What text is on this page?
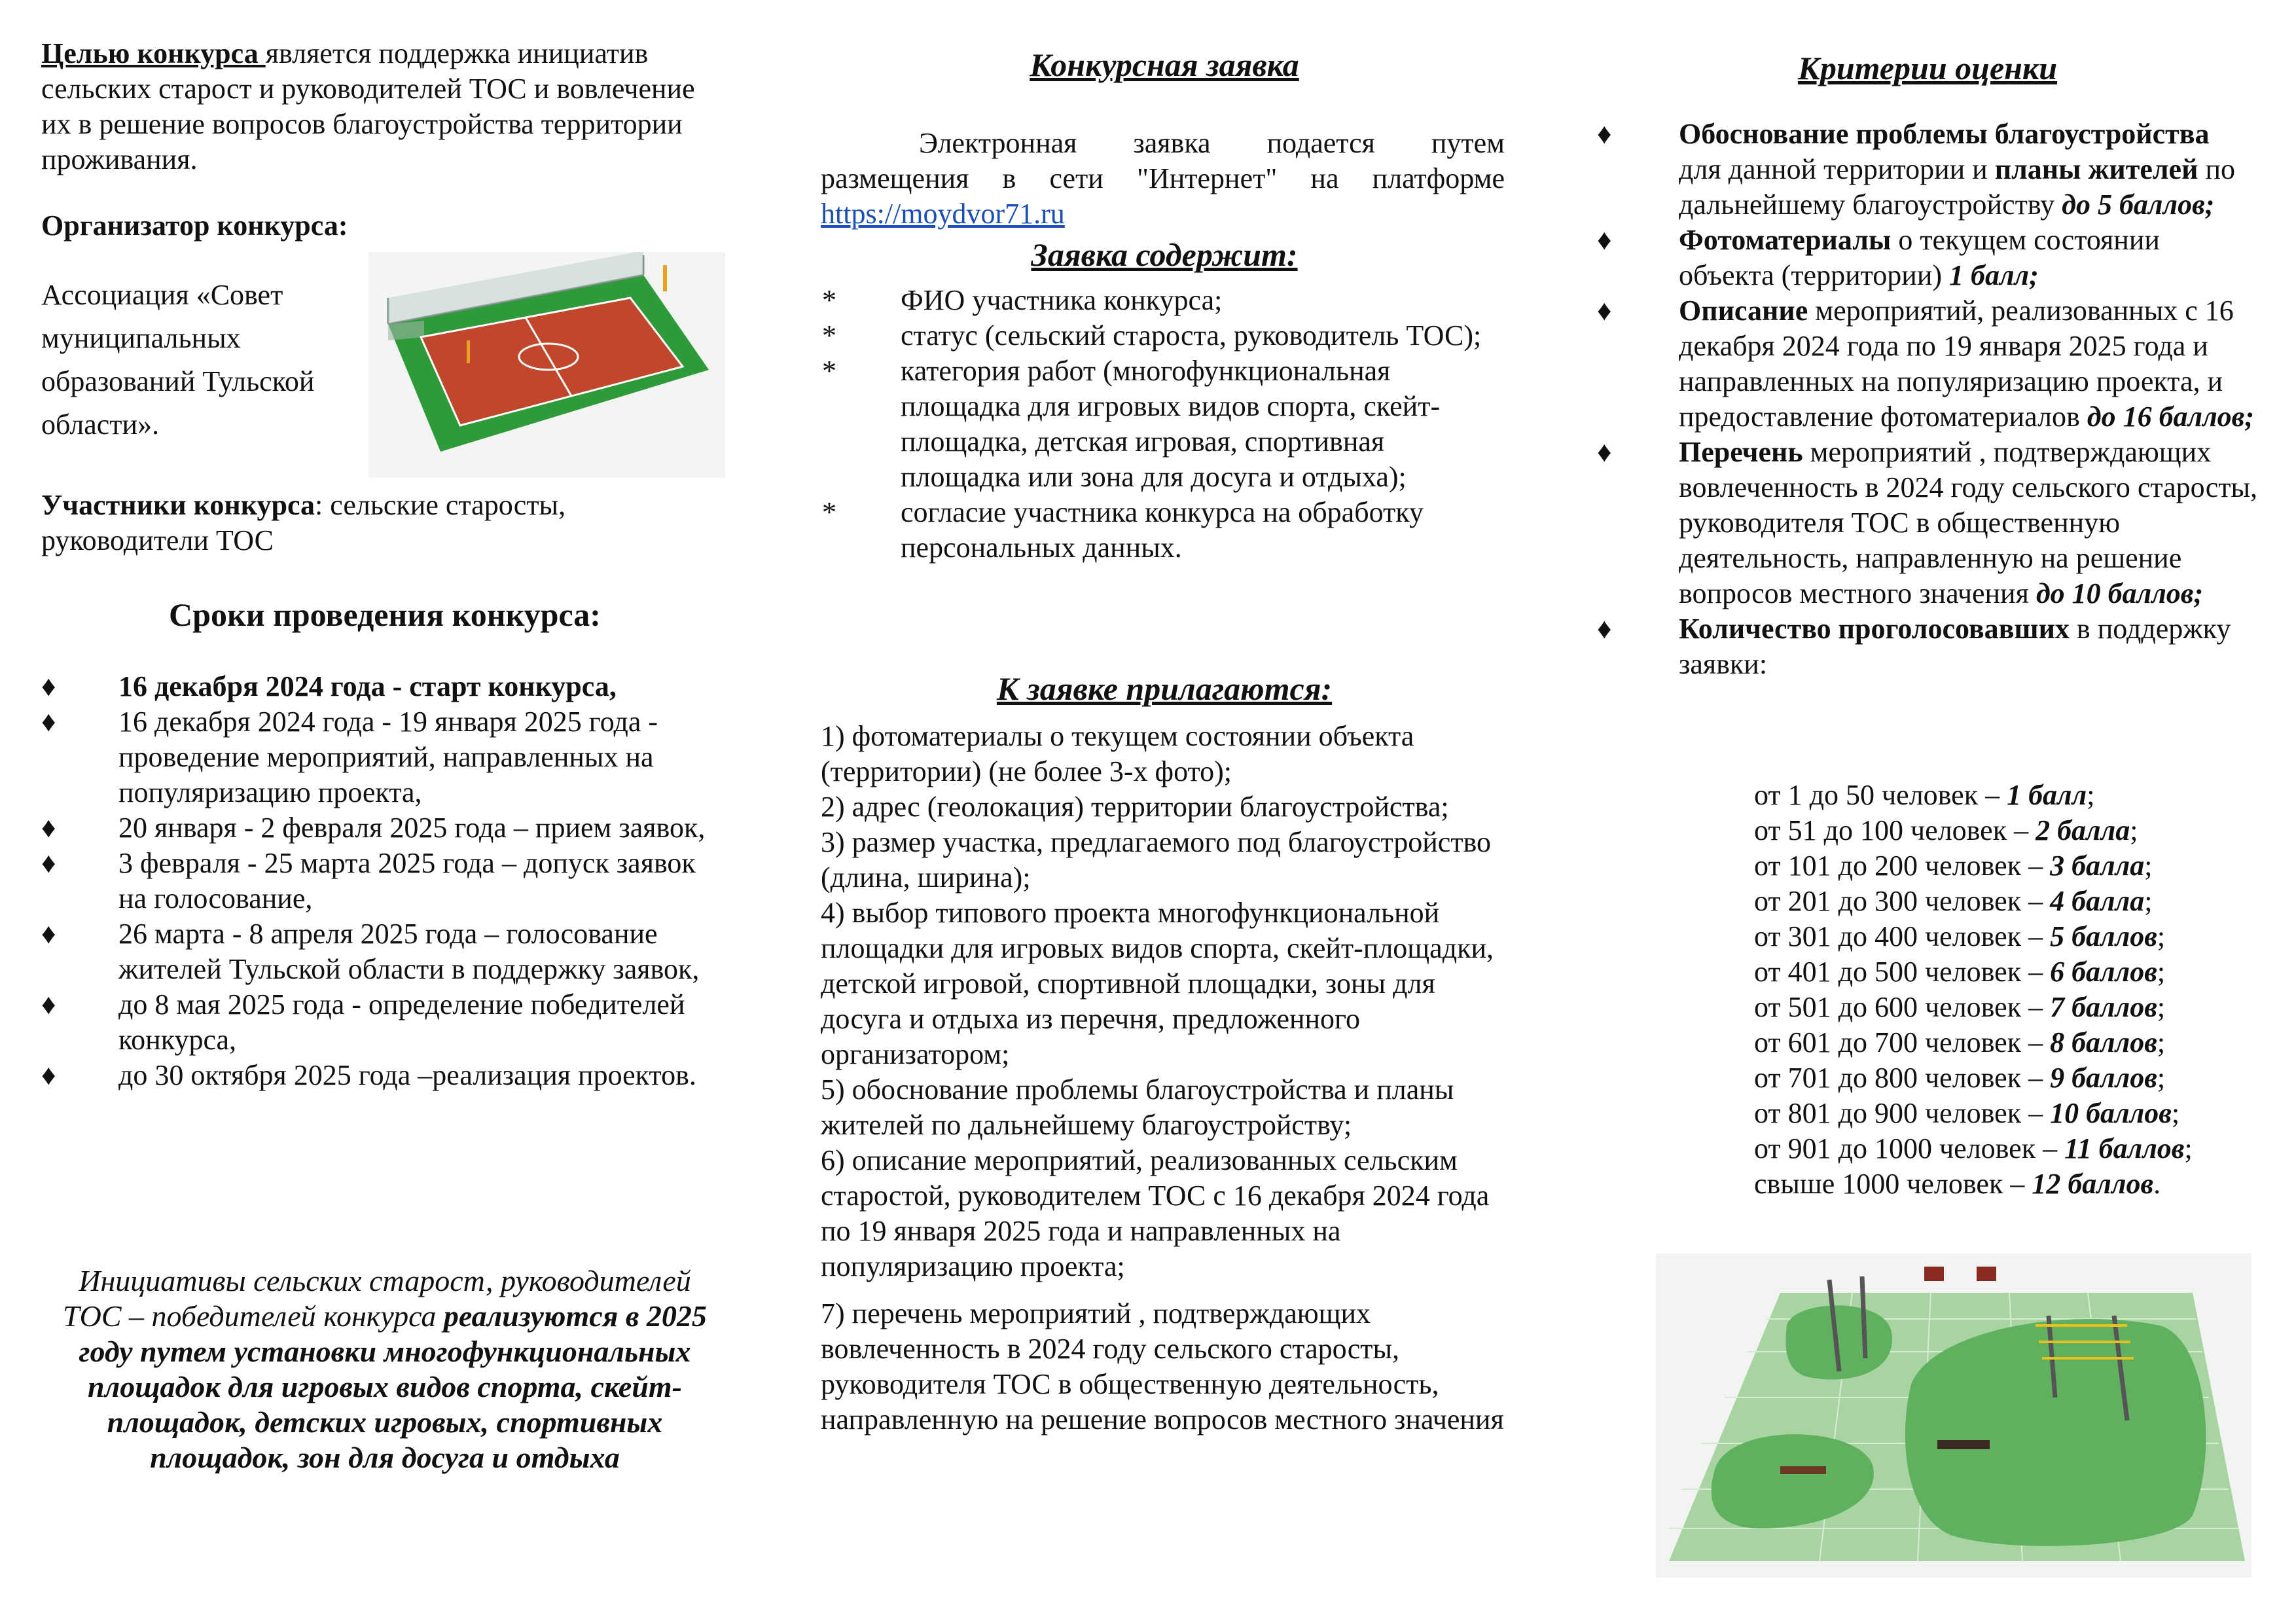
Целью конкурса является поддержка инициатив сельских старост и руководителей ТОС и вовлечение их в решение вопросов благоустройства территории проживания.

Организатор конкурса:

Ассоциация «Совет муниципальных образований Тульской области».

Участники конкурса: сельские старосты, руководители ТОС

Сроки проведения конкурса:

♦ 16 декабря 2024 года - старт конкурса,
♦ 16 декабря 2024 года - 19 января 2025 года - проведение мероприятий, направленных на популяризацию проекта,
♦ 20 января - 2 февраля 2025 года – прием заявок,
♦ 3 февраля - 25 марта 2025 года – допуск заявок на голосование,
♦ 26 марта - 8 апреля 2025 года – голосование жителей Тульской области в поддержку заявок,
♦ до 8 мая 2025 года - определение победителей конкурса,
♦ до 30 октября 2025 года –реализация проектов.

Инициативы сельских старост, руководителей ТОС – победителей конкурса реализуются в 2025 году путем установки многофункциональных площадок для игровых видов спорта, скейт-площадок, детских игровых, спортивных площадок, зон для досуга и отдыха

Конкурсная заявка

Электронная заявка подается путем размещения в сети "Интернет" на платформе https://moydvor71.ru

Заявка содержит:

* ФИО участника конкурса;
* статус (сельский староста, руководитель ТОС);
* категория работ (многофункциональная площадка для игровых видов спорта, скейт-площадка, детская игровая, спортивная площадка или зона для досуга и отдыха);
* согласие участника конкурса на обработку персональных данных.

К заявке прилагаются:

1) фотоматериалы о текущем состоянии объекта (территории) (не более 3-х фото);

2) адрес (геолокация) территории благоустройства;

3) размер участка, предлагаемого под благоустройство (длина, ширина);

4) выбор типового проекта многофункциональной площадки для игровых видов спорта, скейт-площадки, детской игровой, спортивной площадки, зоны для досуга и отдыха из перечня, предложенного организатором;

5) обоснование проблемы благоустройства и планы жителей по дальнейшему благоустройству;

6) описание мероприятий, реализованных сельским старостой, руководителем ТОС с 16 декабря 2024 года по 19 января 2025 года и направленных на популяризацию проекта;

7) перечень мероприятий , подтверждающих вовлеченность в 2024 году сельского старосты, руководителя ТОС в общественную деятельность, направленную на решение вопросов местного значения

Критерии оценки

♦ Обоснование проблемы благоустройства для данной территории и планы жителей по дальнейшему благоустройству до 5 баллов;
♦ Фотоматериалы о текущем состоянии объекта (территории) 1 балл;
♦ Описание мероприятий, реализованных с 16 декабря 2024 года по 19 января 2025 года и направленных на популяризацию проекта, и предоставление фотоматериалов до 16 баллов;
♦ Перечень мероприятий , подтверждающих вовлеченность в 2024 году сельского старосты, руководителя ТОС в общественную деятельность, направленную на решение вопросов местного значения до 10 баллов;
♦ Количество проголосовавших в поддержку заявки:

от 1 до 50 человек – 1 балл;

от 51 до 100 человек – 2 балла;

от 101 до 200 человек – 3 балла;

от 201 до 300 человек – 4 балла;

от 301 до 400 человек – 5 баллов;

от 401 до 500 человек – 6 баллов;

от 501 до 600 человек – 7 баллов;

от 601 до 700 человек – 8 баллов;

от 701 до 800 человек – 9 баллов;

от 801 до 900 человек – 10 баллов;

от 901 до 1000 человек – 11 баллов;

свыше 1000 человек – 12 баллов.
